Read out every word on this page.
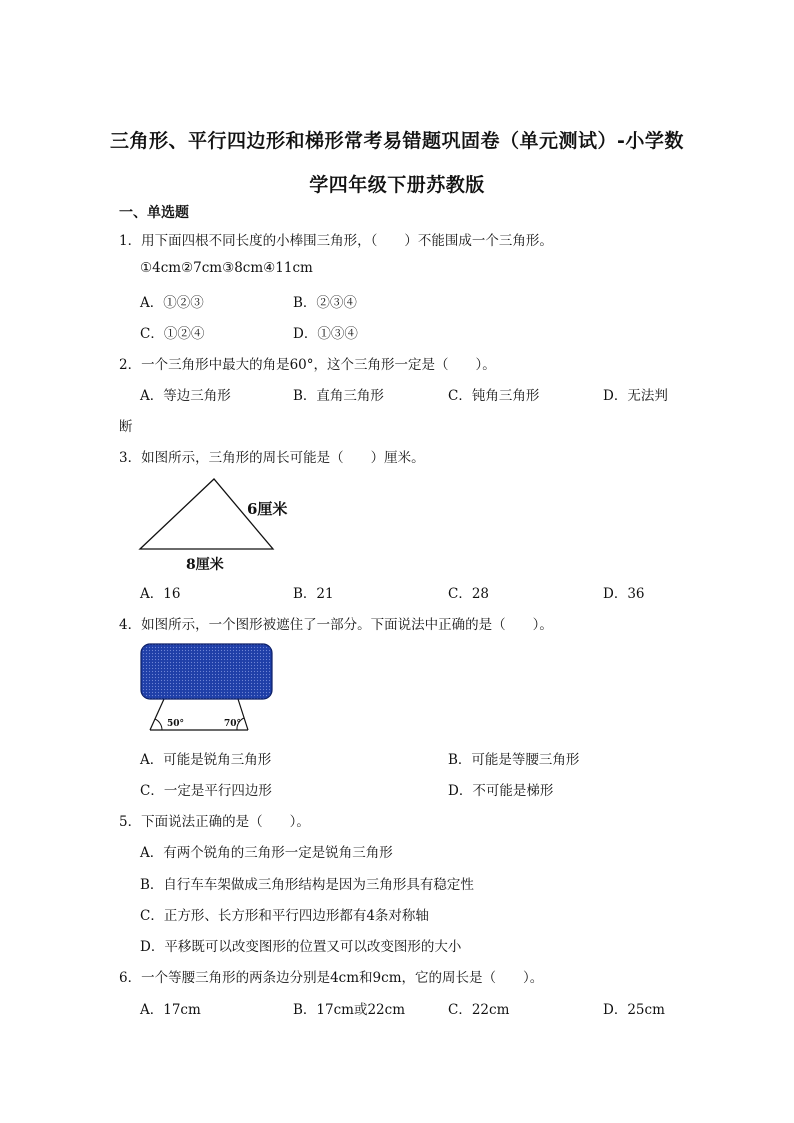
三角形、平行四边形和梯形常考易错题巩固卷（单元测试）-小学数
学四年级下册苏教版
一、单选题
1．用下面四根不同长度的小棒围三角形，（　　）不能围成一个三角形。
①4cm②7cm③8cm④11cm
A．①②③	B．②③④
C．①②④	D．①③④
2．一个三角形中最大的角是60°，这个三角形一定是（　　）。
A．等边三角形	B．直角三角形	C．钝角三角形	D．无法判
断
3．如图所示，三角形的周长可能是（　　）厘米。
6厘米
8厘米
A．16	B．21	C．28	D．36
4．如图所示，一个图形被遮住了一部分。下面说法中正确的是（　　）。
50°	70°
A．可能是锐角三角形	B．可能是等腰三角形
C．一定是平行四边形	D．不可能是梯形
5．下面说法正确的是（　　）。
A．有两个锐角的三角形一定是锐角三角形
B．自行车车架做成三角形结构是因为三角形具有稳定性
C．正方形、长方形和平行四边形都有4条对称轴
D．平移既可以改变图形的位置又可以改变图形的大小
6．一个等腰三角形的两条边分别是4cm和9cm，它的周长是（　　）。
A．17cm	B．17cm或22cm	C．22cm	D．25cm
